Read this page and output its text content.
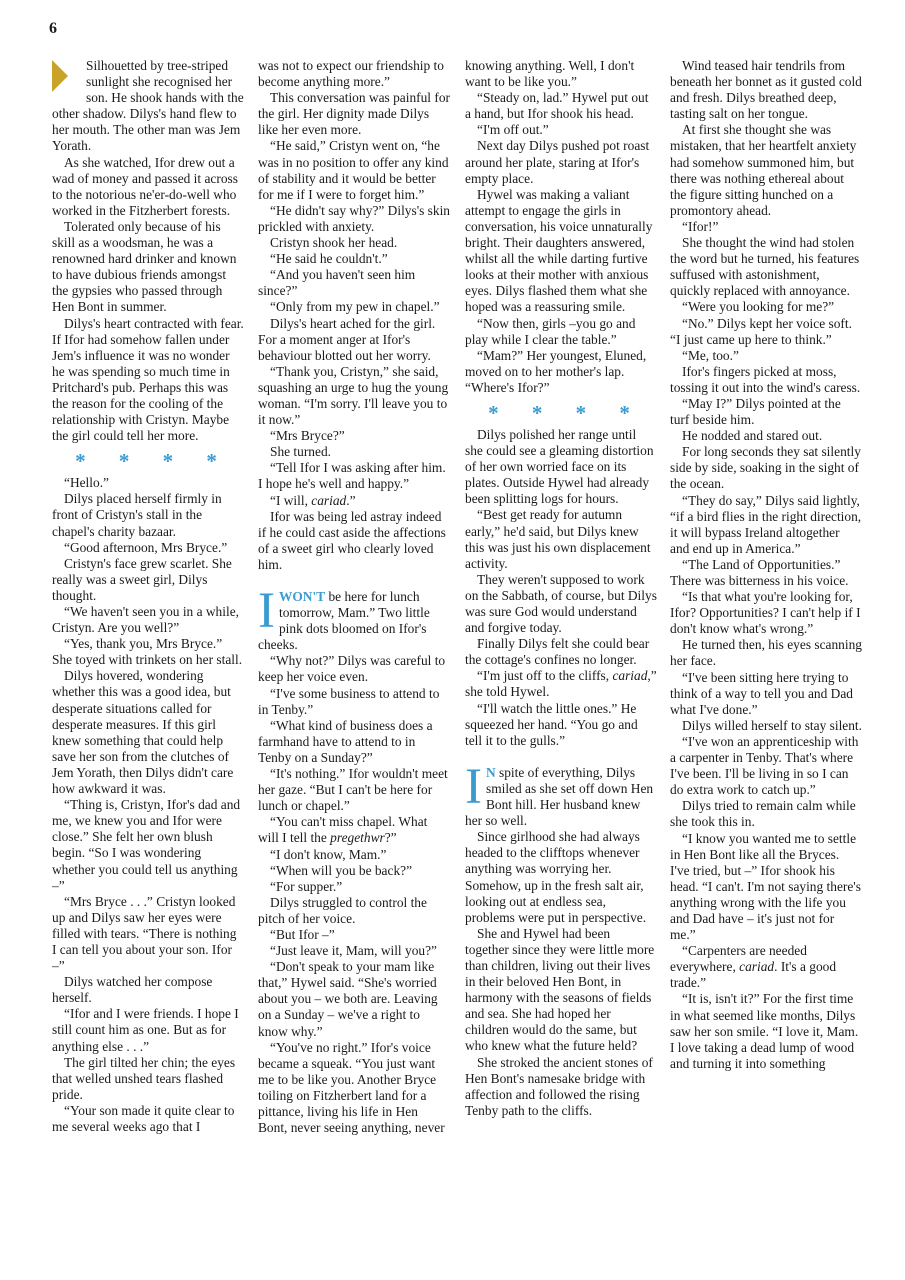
6

Silhouetted by tree-striped sunlight she recognised her son. He shook hands with the other shadow. Dilys's hand flew to her mouth. The other man was Jem Yorath.

As she watched, Ifor drew out a wad of money and passed it across to the notorious ne'er-do-well who worked in the Fitzherbert forests.

Tolerated only because of his skill as a woodsman, he was a renowned hard drinker and known to have dubious friends amongst the gypsies who passed through Hen Bont in summer.

Dilys's heart contracted with fear. If Ifor had somehow fallen under Jem's influence it was no wonder he was spending so much time in Pritchard's pub. Perhaps this was the reason for the cooling of the relationship with Cristyn. Maybe the girl could tell her more.

* * * *

“Hello.”

Dilys placed herself firmly in front of Cristyn's stall in the chapel's charity bazaar.

“Good afternoon, Mrs Bryce.”

Cristyn's face grew scarlet. She really was a sweet girl, Dilys thought.

“We haven't seen you in a while, Cristyn. Are you well?”

“Yes, thank you, Mrs Bryce.” She toyed with trinkets on her stall.

Dilys hovered, wondering whether this was a good idea, but desperate situations called for desperate measures. If this girl knew something that could help save her son from the clutches of Jem Yorath, then Dilys didn't care how awkward it was.

“Thing is, Cristyn, Ifor's dad and me, we knew you and Ifor were close.” She felt her own blush begin. “So I was wondering whether you could tell us anything –”

“Mrs Bryce . . .” Cristyn looked up and Dilys saw her eyes were filled with tears. “There is nothing I can tell you about your son. Ifor –”

Dilys watched her compose herself.

“Ifor and I were friends. I hope I still count him as one. But as for anything else . . .”

The girl tilted her chin; the eyes that welled unshed tears flashed pride.

“Your son made it quite clear to me several weeks ago that I

was not to expect our friendship to become anything more.”

This conversation was painful for the girl. Her dignity made Dilys like her even more.

“He said,” Cristyn went on, “he was in no position to offer any kind of stability and it would be better for me if I were to forget him.”

“He didn't say why?” Dilys's skin prickled with anxiety.

Cristyn shook her head.

“He said he couldn't.”

“And you haven't seen him since?”

“Only from my pew in chapel.”

Dilys's heart ached for the girl. For a moment anger at Ifor's behaviour blotted out her worry.

“Thank you, Cristyn,” she said, squashing an urge to hug the young woman. “I'm sorry. I'll leave you to it now.”

“Mrs Bryce?”

She turned.

“Tell Ifor I was asking after him. I hope he's well and happy.”

“I will, cariad.”

Ifor was being led astray indeed if he could cast aside the affections of a sweet girl who clearly loved him.

IWON'T be here for lunch tomorrow, Mam.” Two little pink dots bloomed on Ifor's cheeks.

“Why not?” Dilys was careful to keep her voice even.

“I've some business to attend to in Tenby.”

“What kind of business does a farmhand have to attend to in Tenby on a Sunday?”

“It's nothing.” Ifor wouldn't meet her gaze. “But I can't be here for lunch or chapel.”

“You can't miss chapel. What will I tell the pregethwr?”

“I don't know, Mam.”

“When will you be back?”

“For supper.”

Dilys struggled to control the pitch of her voice.

“But Ifor –”

“Just leave it, Mam, will you?”

“Don't speak to your mam like that,” Hywel said. “She's worried about you – we both are. Leaving on a Sunday – we've a right to know why.”

“You've no right.” Ifor's voice became a squeak. “You just want me to be like you. Another Bryce toiling on Fitzherbert land for a pittance, living his life in Hen Bont, never seeing anything, never

knowing anything. Well, I don't want to be like you.”

“Steady on, lad.” Hywel put out a hand, but Ifor shook his head.

“I'm off out.”

Next day Dilys pushed pot roast around her plate, staring at Ifor's empty place.

Hywel was making a valiant attempt to engage the girls in conversation, his voice unnaturally bright. Their daughters answered, whilst all the while darting furtive looks at their mother with anxious eyes. Dilys flashed them what she hoped was a reassuring smile.

“Now then, girls –you go and play while I clear the table.”

“Mam?” Her youngest, Eluned, moved on to her mother's lap. “Where's Ifor?”

* * * *

Dilys polished her range until she could see a gleaming distortion of her own worried face on its plates. Outside Hywel had already been splitting logs for hours.

“Best get ready for autumn early,” he'd said, but Dilys knew this was just his own displacement activity.

They weren't supposed to work on the Sabbath, of course, but Dilys was sure God would understand and forgive today.

Finally Dilys felt she could bear the cottage's confines no longer.

“I'm just off to the cliffs, cariad,” she told Hywel.

“I'll watch the little ones.” He squeezed her hand. “You go and tell it to the gulls.”

I N spite of everything, Dilys smiled as she set off down Hen Bont hill. Her husband knew her so well.

Since girlhood she had always headed to the clifftops whenever anything was worrying her. Somehow, up in the fresh salt air, looking out at endless sea, problems were put in perspective.

She and Hywel had been together since they were little more than children, living out their lives in their beloved Hen Bont, in harmony with the seasons of fields and sea. She had hoped her children would do the same, but who knew what the future held?

She stroked the ancient stones of Hen Bont's namesake bridge with affection and followed the rising Tenby path to the cliffs.

Wind teased hair tendrils from beneath her bonnet as it gusted cold and fresh. Dilys breathed deep, tasting salt on her tongue.

At first she thought she was mistaken, that her heartfelt anxiety had somehow summoned him, but there was nothing ethereal about the figure sitting hunched on a promontory ahead.

“Ifor!”

She thought the wind had stolen the word but he turned, his features suffused with astonishment, quickly replaced with annoyance.

“Were you looking for me?”

“No.” Dilys kept her voice soft. “I just came up here to think.”

“Me, too.”

Ifor's fingers picked at moss, tossing it out into the wind's caress.

“May I?” Dilys pointed at the turf beside him.

He nodded and stared out.

For long seconds they sat silently side by side, soaking in the sight of the ocean.

“They do say,” Dilys said lightly, “if a bird flies in the right direction, it will bypass Ireland altogether and end up in America.”

“The Land of Opportunities.” There was bitterness in his voice.

“Is that what you're looking for, Ifor? Opportunities? I can't help if I don't know what's wrong.”

He turned then, his eyes scanning her face.

“I've been sitting here trying to think of a way to tell you and Dad what I've done.”

Dilys willed herself to stay silent.

“I've won an apprenticeship with a carpenter in Tenby. That's where I've been. I'll be living in so I can do extra work to catch up.”

Dilys tried to remain calm while she took this in.

“I know you wanted me to settle in Hen Bont like all the Bryces. I've tried, but –” Ifor shook his head. “I can't. I'm not saying there's anything wrong with the life you and Dad have – it's just not for me.”

“Carpenters are needed everywhere, cariad. It's a good trade.”

“It is, isn't it?” For the first time in what seemed like months, Dilys saw her son smile. “I love it, Mam. I love taking a dead lump of wood and turning it into something
